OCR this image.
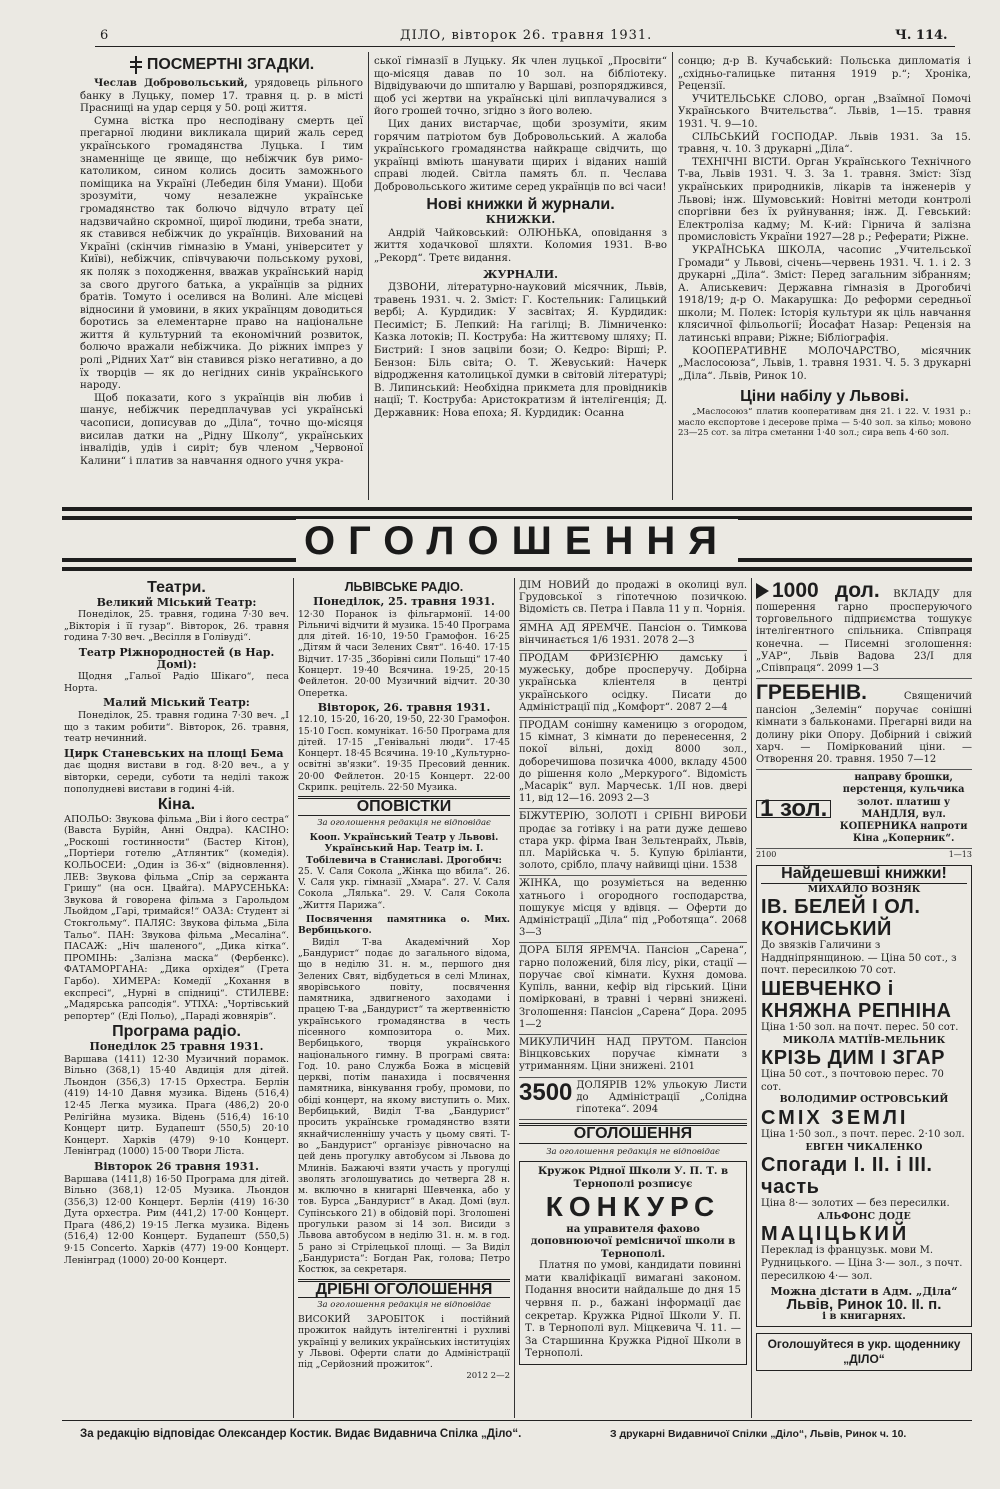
6	ДІЛО, вівторок 26. травня 1931.	Ч. 114.
ПОСМЕРТНІ ЗГАДКИ.

Чеслав Добровольський, урядовець рільного банку в Луцьку, помер 17. травня ц. р. в місті Праснищі на удар серця у 50. році життя.

Сумна вістка про несподівану смерть цеї прегарної людини викликала щирий жаль серед українського громадянства Луцька. І тим знаменніще це явище, що небіжчик був римо-католиком, сином колись досить заможнього поміщика на Україні (Лебедин біля Умани). Щоби зрозуміти, чому незалежне українське громадянство так болючо відчуло втрату цеї надзвичайно скромної, щирої людини, треба знати, як ставився небіжчик до українців. Вихований на Україні (скінчив гімназію в Умані, університет у Київі), небіжчик, співчуваючи польському рухові, як поляк з походження, вважав український нарід за свого другого батька, а українців за рідних братів. Томуто і оселився на Волині. Але місцеві відносини й умовини, в яких українцям доводиться боротись за елементарне право на національне життя й культурний та економічний розвиток, болючо вражали небіжчика. До ріжних імпрез у ролі „Рідних Хат“ він ставився різко негативно, а до їх творців — як до негідних синів українського народу.

Щоб показати, кого з українців він любив і шанує, небіжчик передплачував усі українські часописи, дописував до „Діла“, точно що-місяця висилав датки на „Рідну Школу“, українських інвалідів, удів і сиріт; був членом „Червоної Калини“ і платив за навчання одного учня укра-

ської гімназії в Луцьку. Як член луцької „Просвіти“ що-місяця давав по 10 зол. на бібліотеку. Відвідуваючи до шпиталю у Варшаві, розпоряджився, щоб усі жертви на українські цілі виплачувалися з його грошей точно, згідно з його волею.

Цих даних вистарчає, щоби зрозуміти, яким горячим патріотом був Добровольський. А жалоба українського громадянства найкраще свідчить, що українці вміють шанувати щирих і віданих нашій справі людей. Світла память бл. п. Чеслава Добровольського житиме серед українців по всі часи!

Нові книжки й журнали.
КНИЖКИ.

Андрій Чайковський: ОЛЮНЬКА, оповідання з життя ходачкової шляхти. Коломия 1931. В-во „Рекорд“. Третє видання.

ЖУРНАЛИ.

ДЗВОНИ, літературно-науковий місячник, Львів, травень 1931. ч. 2. Зміст: Г. Костельник: Галицький вербі; А. Курдидик: У засвітах; Я. Курдидик: Песиміст; Б. Лепкий: На гагілці; В. Лімниченко: Казка лотоків; П. Коструба: На життєвому шляху; П. Бистрий: І знов зацвіли бози; О. Кедро: Вірші; Р. Бензон: Біль світа; О. Т. Жевуський: Начерк відродження католицької думки в світовій літературі; В. Липинський: Необхідна прикмета для провідників нації; Т. Коструба: Аристократизм й інтелігенція; Д. Державник: Нова епоха; Я. Курдидик: Осанна

сонцю; д-р В. Кучабський: Польська дипломатія і „східньо-галицьке питання 1919 р.“; Хроніка, Рецензії.

УЧИТЕЛЬСЬКЕ СЛОВО, орган „Взаїмної Помочі Українського Вчительства“. Львів, 1—15. травня 1931. Ч. 9—10.

СІЛЬСЬКИЙ ГОСПОДАР. Львів 1931. За 15. травня, ч. 10. З друкарні „Діла“.

ТЕХНІЧНІ ВІСТИ. Орган Українського Технічного Т-ва, Львів 1931. Ч. 3. За 1. травня. Зміст: Зїзд українських природників, лікарів та інженерів у Львові; інж. Шумовський: Новітні методи контролі споргівни без їх руйнування; інж. Д. Гевський: Електроліза кадму; М. К-ий: Гірнича й залізна промисловість України 1927—28 р.; Реферати; Ріжне.

УКРАЇНСЬКА ШКОЛА, часопис „Учительської Громади“ у Львові, січень—червень 1931. Ч. 1. і 2. З друкарні „Діла“. Зміст: Перед загальним зібранням; А. Алиськевич: Державна гімназія в Дрогобичі 1918/19; д-р О. Макарушка: До реформи середньої школи; М. Полек: Історія культури як ціль навчання клясичної фільольогії; Йосафат Назар: Рецензія на латинські вправи; Ріжне; Бібліографія.

КООПЕРАТИВНЕ МОЛОЧАРСТВО, місячник „Маслосоюза“, Львів, 1. травня 1931. Ч. 5. З друкарні „Діла“. Львів, Ринок 10.

Ціни набілу у Львові.

„Маслосоюз“ платив кооперативам дня 21. і 22. V. 1931 р.: масло експортове і десерове пріма — 5·40 зол. за кільо; мовоно 23—25 сот. за літра сметанни 1·40 зол.; сира вепь 4·60 зол.

ОГОЛОШЕННЯ
Театри.
Великий Міський Театр:

Понеділок, 25. травня, година 7·30 веч. „Вікторія і її гузар“. Вівторок, 26. травня година 7·30 веч. „Весілля в Голівуді“.

Театр Ріжнородностей (в Нар. Домі):

Щодня „Гальої Радіо Шікаго“, песа Норта.

Малий Міський Театр:

Понеділок, 25. травня година 7·30 веч. „І що з таким робити“. Вівторок, 26. травня, театр нечинний.

Цирк Станевських на площі Бема

дає щодня вистави в год. 8·20 веч., а у вівторки, середи, суботи та неділі також пополудневі вистави в годині 4-ій.

Кіна.

АПОЛЬО: Звукова фільма „Віи і його сестра“ (Вавста Бурійн, Анні Ондра). КАСІНО: „Роскоші гостинности“ (Бастер Кітон), „Портіери готелю „Атлянтик“ (комедія). КОЛЬОСЕИ: „Один із 36-х“ (відновлення). ЛЕВ: Звукова фільма „Спір за сержанта Гришу“ (на осн. Цвайга). МАРУСЕНЬКА: Звукова й говорена фільма з Гарольдом Льойдом „Гарі, тримайся!“ ОАЗА: Студент зі Стокгольму“. ПАЛЯС: Звукова фільма „Біла Тальо“. ПАН: Звукова фільма „Месаліна“. ПАСАЖ: „Ніч шаленого“, „Дика кітка“. ПРОМІНЬ: „Залізна маска“ (Фербенкс). ФАТАМОРГАНА: „Дика орхідея“ (Грета Гарбо). ХИМЕРА: Комедії „Кохання в експресі“, „Нурні в спідниці“. СТИЛЕВЕ: „Мадярська рапсодія“. УТІХА: „Чортівський репортер“ (Еді Польо), „Параді жовнярів“.

Програма радіо.
Понеділок 25 травня 1931.

Варшава (1411) 12·30 Музичний порамок. Вільно (368,1) 15·40 Авдиція для дітей. Льондон (356,3) 17·15 Орхестра. Берлін (419) 14·10 Давня музика. Відень (516,4) 12·45 Легка музика. Прага (486,2) 20·0 Релігійна музика. Відень (516,4) 16·10 Концерт цитр. Будапешт (550,5) 20·10 Концерт. Харків (479) 9·10 Концерт. Ленінград (1000) 15·00 Твори Ліста.

Вівторок 26 травня 1931.

Варшава (1411,8) 16·50 Програма для дітей. Вільно (368,1) 12·05 Музика. Льондон (356,3) 12·00 Концерт. Берлін (419) 16·30 Дута орхестра. Рим (441,2) 17·00 Концерт. Прага (486,2) 19·15 Легка музика. Відень (516,4) 12·00 Концерт. Будапешт (550,5) 9·15 Concerto. Харків (477) 19·00 Концерт. Ленінград (1000) 20·00 Концерт.

ЛЬВІВСЬКЕ РАДІО.
Понеділок, 25. травня 1931.

12·30 Поранок із фільгармонії. 14·00 Рільничі відчити й музика. 15·40 Програма для дітей. 16·10, 19·50 Грамофон. 16·25 „Дітям й часи Зелених Свят“. 16·40. 17·15 Відчит. 17·35 „Зборівні сили Польщі“ 17·40 Концерт. 19·40 Всячина. 19·25, 20·15 Фейлетон. 20·00 Музичний відчит. 20·30 Оперетка.

Вівторок, 26. травня 1931.

12.10, 15·20, 16·20, 19·50, 22·30 Грамофон. 15·10 Госп. комунікат. 16·50 Програма для дітей. 17·15 „Генівальні люди“. 17·45 Концерт. 18·45 Всячина. 19·10 „Культурно-освітні зв'язки“. 19·35 Пресовий денник. 20·00 Фейлетон. 20·15 Концерт. 22·00 Скрипк. рецітель. 22·50 Музика.

ОПОВІСТКИ
За оголошення редакція не відповідає

Кооп. Український Театр у Львові. Український Нар. Театр ім. І. Тобілевича в Станиславі. Дрогобич:

25. V. Саля Сокола „Жінка що вбила“. 26. V. Саля укр. гімназії „Хмара“. 27. V. Саля Сокола „Лялька“. 29. V. Саля Сокола „Життя Парижа“.

Посвячення памятника о. Мих. Вербицького.

Виділ Т-ва Академічний Хор „Бандурист“ подає до загального відома, що в неділю 31. н. м., першого дня Зелених Свят, відбудеться в селі Млинах, яворівського повіту, посвячення памятника, здвигненого заходами і працею Т-ва „Бандурист“ та жертвенністю українського громадянства в честь пісенного композитора о. Мих. Вербицького, творця українського національного гимну. В програмі свята: Год. 10. рано Служба Божа в місцевій церкві, потім панахида і посвячення памятника, вінкування гробу, промови, по обіді концерт, на якому виступить о. Мих. Вербицький, Виділ Т-ва „Бандурист“ просить українське громадянство взяти якнайчисленнішу участь у цьому святі. Т-во „Бандурист“ організує рівночасно на цей день прогулку автобусом зі Львова до Млинів. Бажаючі взяти участь у прогулці зволять зголошуватись до четверга 28 н. м. включно в книгарні Шевченка, або у тов. Бурса „Бандурист“ в Акад. Домі (вул. Супінського 21) в обідовій порі. Зголошені прогульки разом зі 14 зол. Висиди з Львова автобусом в неділю 31. н. м. в год. 5 рано зі Стрілецької площі. — За Виділ „Бандуриста“: Богдан Рак, голова; Петро Костюк, за секретаря.

ДРІБНІ ОГОЛОШЕННЯ
За оголошення редакція не відповідає

ВИСОКИЙ ЗАРОБІТОК і постійний прожиток найдуть інтелігентні і рухливі українці у великих українських інституціях у Львові. Оферти слати до Адміністрації під „Серйозний прожиток“.

2012 2—2
ДІМ НОВИЙ до продажі в околиці вул. Грудовської з гіпотечною позичкою. Відомість св. Петра і Павла 11 у п. Чорнія.
ЯМНА АД ЯРЕМЧЕ. Пансіон о. Тимкова вінчинається 1/6 1931. 2078 2—3
ПРОДАМ ФРИЗІЄРНЮ дамську і мужеську, добре просперучу. Добірна українська кліентеля в центрі українського осідку. Писати до Адміністрації під „Комфорт“. 2087 2—4
ПРОДАМ сонішну каменицю з огородом, 15 кімнат, 3 кімнати до перенесення, 2 покої вільні, дохід 8000 зол., доборечишова позичка 4000, вкладу 4500 до рішення коло „Меркурого“. Відомість „Масарік“ вул. Марчеськ. 1/ІІ нов. двері 11, від 12—16. 2093 2—3
БІЖУТЕРІЮ, ЗОЛОТІ і СРІБНІ ВИРОБИ продає за готівку і на рати дуже дешево стара укр. фірма Іван Зельтенрайх, Львів, пл. Марійська ч. 5. Купую бріліанти, золото, срібло, плачу найвищі ціни. 1538
ЖІНКА, що розуміється на веденню хатнього і огородного господарства, пошукує місця у вдівця. — Оферти до Адміністрації „Діла“ під „Роботяща“. 2068 3—3
ДОРА БІЛЯ ЯРЕМЧА. Пансіон „Сарена“, гарно положений, біля лісу, ріки, стації — поручає свої кімнати. Кухня домова. Купіль, ванни, кефір від гірський. Ціни помірковані, в травні і червні знижені. Зголошення: Пансіон „Сарена“ Дора. 2095 1—2
МИКУЛИЧИН НАД ПРУТОМ. Пансіон Вінцковських поручає кімнати з утриманням. Ціни знижені. 2101
3500 ДОЛЯРІВ 12% ульокую Листи до Адміністрації „Солідна гіпотека“. 2094
ОГОЛОШЕННЯ
За оголошення редакція не відповідає
Кружок Рідної Школи У. П. Т. в Тернополі розписує
КОНКУРС
на управителя фахово доповнюючої ремісничої школи в Тернополі.

Платня по умові, кандидати повинні мати кваліфікації вимагані законом. Подання вносити найдальше до дня 15 червня п. р., бажані інформації дає секретар. Кружка Рідної Школи У. П. Т. в Тернополі вул. Міцкевича Ч. 11. — За Старшинна Кружка Рідної Школи в Тернополі.

1000 дол. ВКЛАДУ для пошерення гарно просперуючого торговельного підприємства тошукує інтелігентного спільника. Співпраця конечна. — Писемні зголошення: „УАР“, Львів Вадова 23/І для „Співпраця“. 2099 1—3
ГРЕБЕНІВ.	Священичий пансіон „Зелемін“ поручає сонішні кімнати з бальконами. Прегарні види на долину ріки Опору. Добірний і свіжий харч. — Поміркований ціни. — Отворення 20. травня. 1950 7—12
1 зол.
направу брошки, перстенця, кульчика золот. платиш у МАНДЛЯ, вул. КОПЕРНИКА напроти Кіна „Коперник“.
2100	1—13
Найдешевші книжки!
МИХАЙЛО ВОЗНЯК
ІВ. БЕЛЕЙ І ОЛ. КОНИСЬКИЙ
До звязків Галичини з Наддніпрянщиною. — Ціна 50 сот., з почт. пересилкою 70 сот.
ШЕВЧЕНКО і КНЯЖНА РЕПНІНА
Ціна 1·50 зол. на почт. перес. 50 сот.
МИКОЛА МАТІЇВ-МЕЛЬНИК
КРІЗЬ ДИМ І ЗГАР
Ціна 50 сот., з почтовою перес. 70 сот.
ВОЛОДИМИР ОСТРОВСЬКИЙ
СМІХ ЗЕМЛІ
Ціна 1·50 зол., з почт. перес. 2·10 зол.
ЕВГЕН ЧИКАЛЕНКО
Спогади І. ІІ. і ІІІ. часть
Ціна 8·— золотих — без пересилки.
АЛЬФОНС ДОДЕ
МАЦІЦЬКИЙ
Переклад із французьк. мови М. Рудницького. — Ціна 3·— зол., з почт. пересилкою 4·— зол.
Можна дістати в Адм. „Діла“
Львів, Ринок 10. ІІ. п.
і в книгарнях.
Оголошуйтеся в укр. щоденнику „ДІЛО“
За редакцію відповідає Олександер Костик. Видає Видавнича Спілка „Діло“.	З друкарні Видавничої Спілки „Діло“, Львів, Ринок ч. 10.
